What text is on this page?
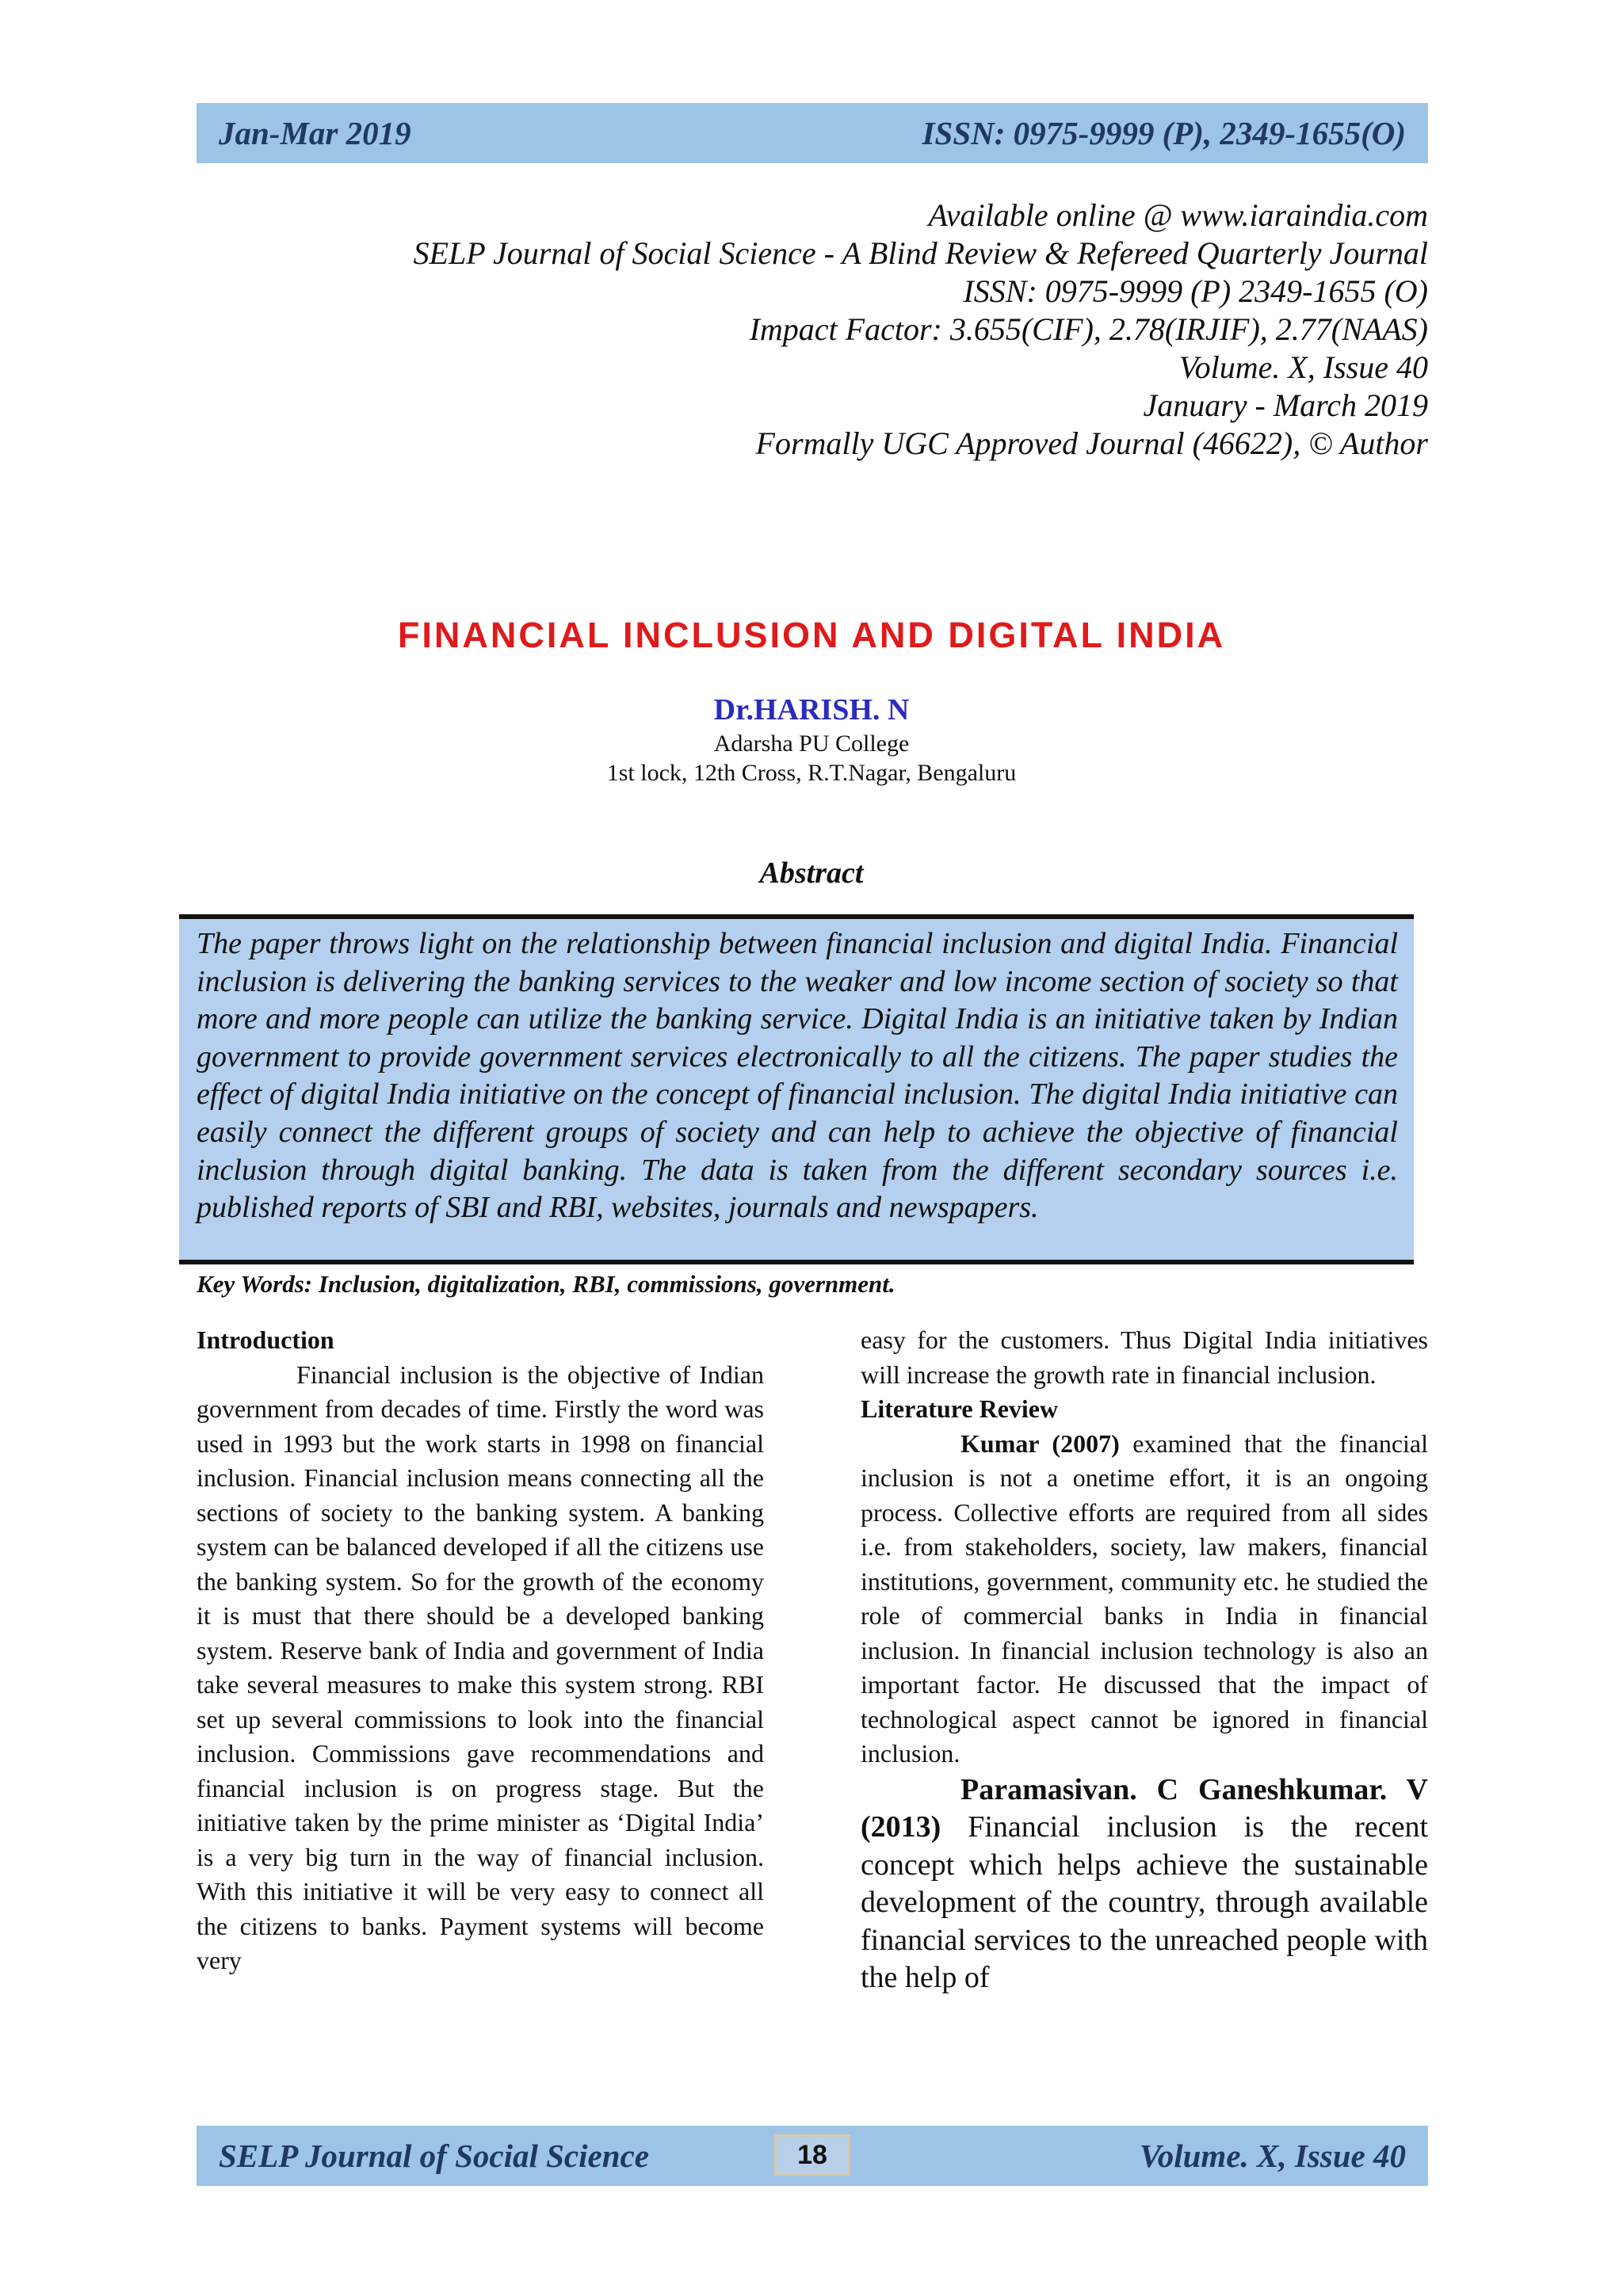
Jan-Mar 2019	ISSN: 0975-9999 (P), 2349-1655(O)
Available online @ www.iaraindia.com
SELP Journal of Social Science - A Blind Review & Refereed Quarterly Journal
ISSN: 0975-9999 (P) 2349-1655 (O)
Impact Factor: 3.655(CIF), 2.78(IRJIF), 2.77(NAAS)
Volume. X, Issue 40
January - March 2019
Formally UGC Approved Journal (46622), © Author
FINANCIAL INCLUSION AND DIGITAL INDIA
Dr.HARISH. N
Adarsha PU College
1st lock, 12th Cross, R.T.Nagar, Bengaluru
Abstract
The paper throws light on the relationship between financial inclusion and digital India. Financial inclusion is delivering the banking services to the weaker and low income section of society so that more and more people can utilize the banking service. Digital India is an initiative taken by Indian government to provide government services electronically to all the citizens. The paper studies the effect of digital India initiative on the concept of financial inclusion. The digital India initiative can easily connect the different groups of society and can help to achieve the objective of financial inclusion through digital banking. The data is taken from the different secondary sources i.e. published reports of SBI and RBI, websites, journals and newspapers.
Key Words: Inclusion, digitalization, RBI, commissions, government.

Introduction

Financial inclusion is the objective of Indian government from decades of time. Firstly the word was used in 1993 but the work starts in 1998 on financial inclusion. Financial inclusion means connecting all the sections of society to the banking system. A banking system can be balanced developed if all the citizens use the banking system. So for the growth of the economy it is must that there should be a developed banking system. Reserve bank of India and government of India take several measures to make this system strong. RBI set up several commissions to look into the financial inclusion. Commissions gave recommendations and financial inclusion is on progress stage. But the initiative taken by the prime minister as ‘Digital India’ is a very big turn in the way of financial inclusion. With this initiative it will be very easy to connect all the citizens to banks. Payment systems will become very

easy for the customers. Thus Digital India initiatives will increase the growth rate in financial inclusion.

Literature Review

Kumar (2007) examined that the financial inclusion is not a onetime effort, it is an ongoing process. Collective efforts are required from all sides i.e. from stakeholders, society, law makers, financial institutions, government, community etc. he studied the role of commercial banks in India in financial inclusion. In financial inclusion technology is also an important factor. He discussed that the impact of technological aspect cannot be ignored in financial inclusion.

Paramasivan. C Ganeshkumar. V (2013) Financial inclusion is the recent concept which helps achieve the sustainable development of the country, through available financial services to the unreached people with the help of

SELP Journal of Social Science	18	Volume. X, Issue 40
